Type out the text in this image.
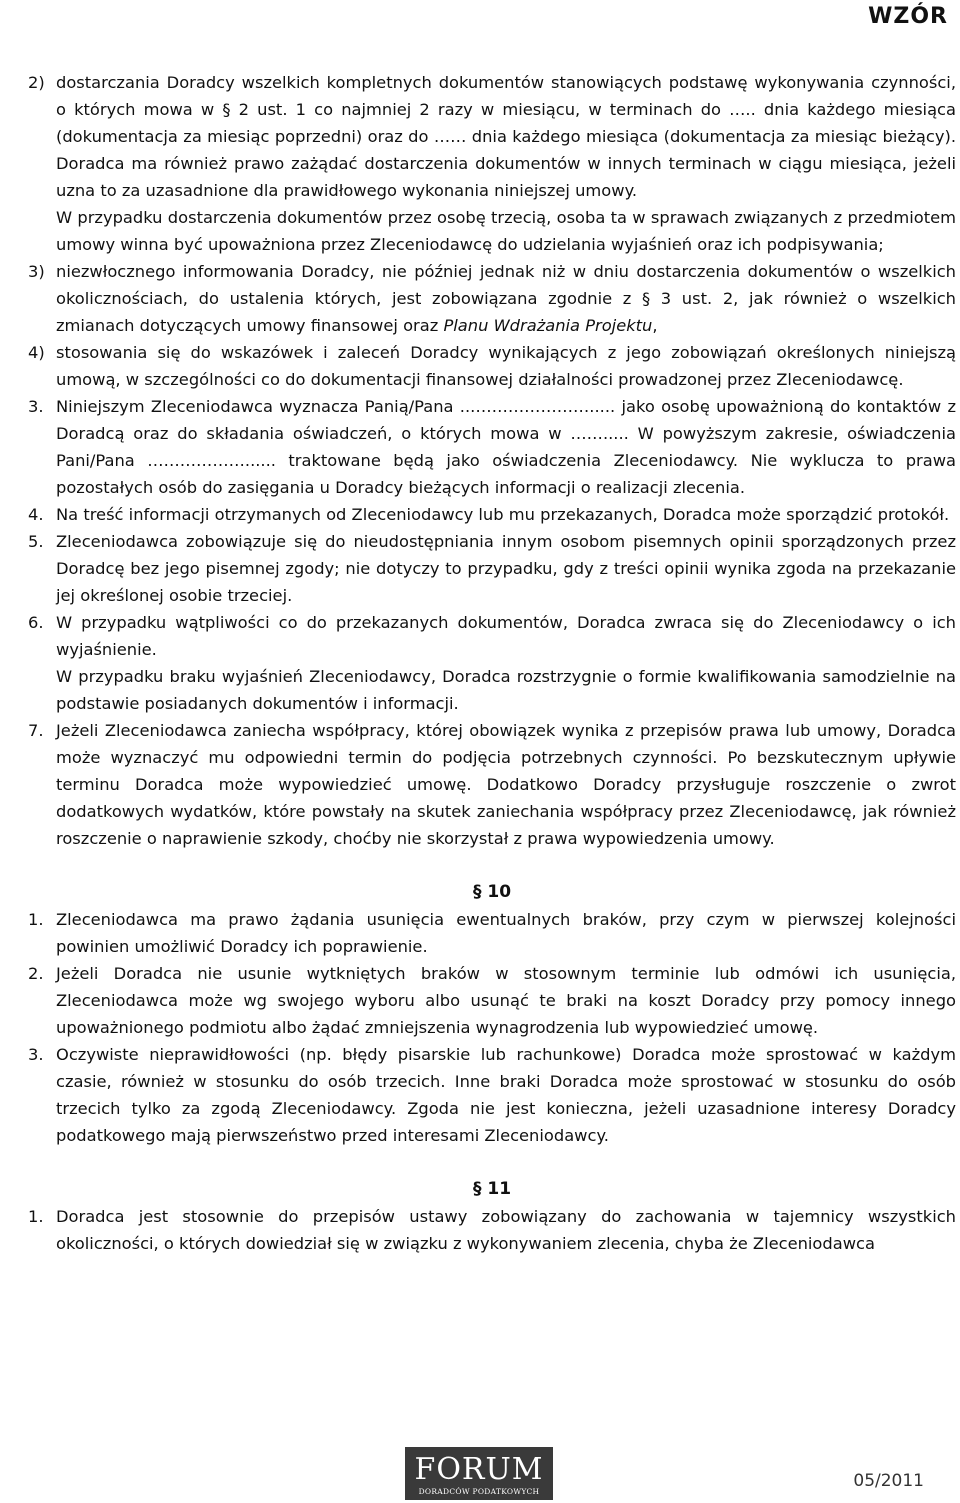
WZÓR
2) dostarczania Doradcy wszelkich kompletnych dokumentów stanowiących podstawę wykonywania czynności, o których mowa w § 2 ust. 1 co najmniej 2 razy w miesiącu, w terminach do ….. dnia każdego miesiąca (dokumentacja za miesiąc poprzedni) oraz do …… dnia każdego miesiąca (dokumentacja za miesiąc bieżący). Doradca ma również prawo zażądać dostarczenia dokumentów w innych terminach w ciągu miesiąca, jeżeli uzna to za uzasadnione dla prawidłowego wykonania niniejszej umowy.

W przypadku dostarczenia dokumentów przez osobę trzecią, osoba ta w sprawach związanych z przedmiotem umowy winna być upoważniona przez Zleceniodawcę do udzielania wyjaśnień oraz ich podpisywania;

3) niezwłocznego informowania Doradcy, nie później jednak niż w dniu dostarczenia dokumentów o wszelkich okolicznościach, do ustalenia których, jest zobowiązana zgodnie z § 3 ust. 2, jak również o wszelkich zmianach dotyczących umowy finansowej oraz Planu Wdrażania Projektu,

4) stosowania się do wskazówek i zaleceń Doradcy wynikających z jego zobowiązań określonych niniejszą umową, w szczególności co do dokumentacji finansowej działalności prowadzonej przez Zleceniodawcę.

3. Niniejszym Zleceniodawca wyznacza Panią/Pana ...…………………..... jako osobę upoważnioną do kontaktów z Doradcą oraz do składania oświadczeń, o których mowa w ……..... W powyższym zakresie, oświadczenia Pani/Pana ………………...... traktowane będą jako oświadczenia Zleceniodawcy. Nie wyklucza to prawa pozostałych osób do zasięgania u Doradcy bieżących informacji o realizacji zlecenia.

4. Na treść informacji otrzymanych od Zleceniodawcy lub mu przekazanych, Doradca może sporządzić protokół.

5. Zleceniodawca zobowiązuje się do nieudostępniania innym osobom pisemnych opinii sporządzonych przez Doradcę bez jego pisemnej zgody; nie dotyczy to przypadku, gdy z treści opinii wynika zgoda na przekazanie jej określonej osobie trzeciej.

6. W przypadku wątpliwości co do przekazanych dokumentów, Doradca zwraca się do Zleceniodawcy o ich wyjaśnienie.

W przypadku braku wyjaśnień Zleceniodawcy, Doradca rozstrzygnie o formie kwalifikowania samodzielnie na podstawie posiadanych dokumentów i informacji.

7. Jeżeli Zleceniodawca zaniecha współpracy, której obowiązek wynika z przepisów prawa lub umowy, Doradca może wyznaczyć mu odpowiedni termin do podjęcia potrzebnych czynności. Po bezskutecznym upływie terminu Doradca może wypowiedzieć umowę. Dodatkowo Doradcy przysługuje roszczenie o zwrot dodatkowych wydatków, które powstały na skutek zaniechania współpracy przez Zleceniodawcę, jak również roszczenie o naprawienie szkody, choćby nie skorzystał z prawa wypowiedzenia umowy.

§ 10
1. Zleceniodawca ma prawo żądania usunięcia ewentualnych braków, przy czym w pierwszej kolejności powinien umożliwić Doradcy ich poprawienie.

2. Jeżeli Doradca nie usunie wytkniętych braków w stosownym terminie lub odmówi ich usunięcia, Zleceniodawca może wg swojego wyboru albo usunąć te braki na koszt Doradcy przy pomocy innego upoważnionego podmiotu albo żądać zmniejszenia wynagrodzenia lub wypowiedzieć umowę.

3. Oczywiste nieprawidłowości (np. błędy pisarskie lub rachunkowe) Doradca może sprostować w każdym czasie, również w stosunku do osób trzecich. Inne braki Doradca może sprostować w stosunku do osób trzecich tylko za zgodą Zleceniodawcy. Zgoda nie jest konieczna, jeżeli uzasadnione interesy Doradcy podatkowego mają pierwszeństwo przed interesami Zleceniodawcy.

§ 11
1. Doradca jest stosownie do przepisów ustawy zobowiązany do zachowania w tajemnicy wszystkich okoliczności, o których dowiedział się w związku z wykonywaniem zlecenia, chyba że Zleceniodawca

FORUM
DORADCÓW PODATKOWYCH
05/2011
